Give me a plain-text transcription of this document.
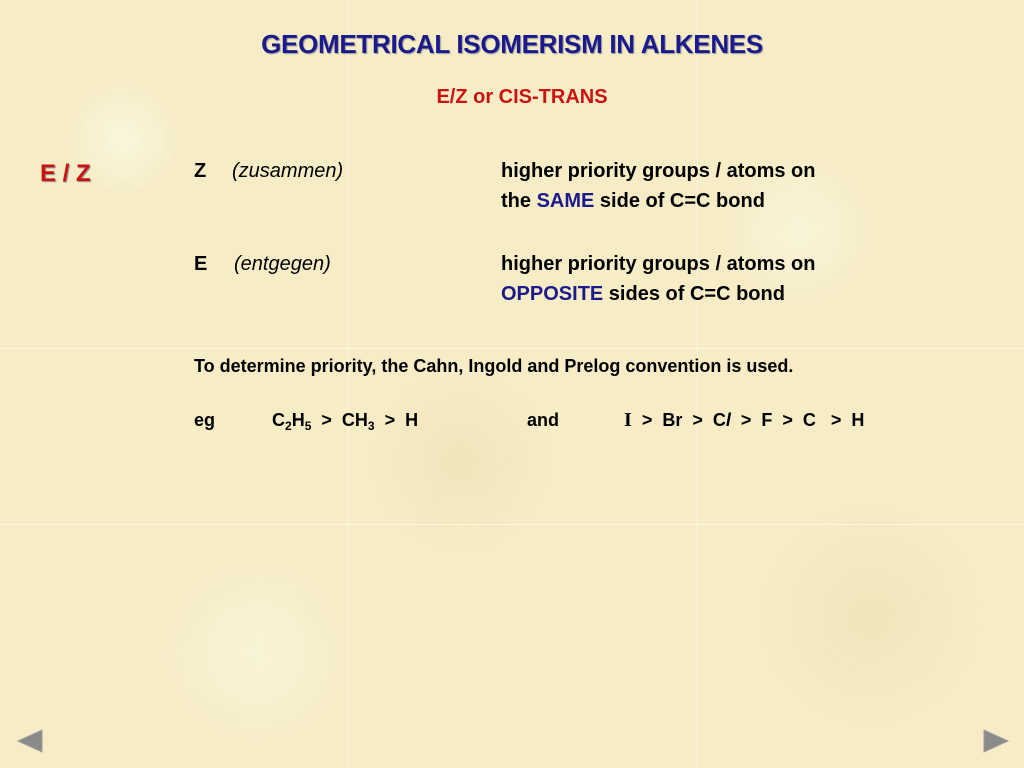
GEOMETRICAL ISOMERISM IN ALKENES
E/Z or CIS-TRANS
E / Z	Z (zusammen)	higher priority groups / atoms on
the SAME side of C=C bond
E (entgegen)	higher priority groups / atoms on
OPPOSITE sides of C=C bond
To determine priority, the Cahn, Ingold and Prelog convention is used.
eg	$C_2H_5 > CH_3 > H$	and	I >  Br  >  Cl  >  F  >  C   >  H
